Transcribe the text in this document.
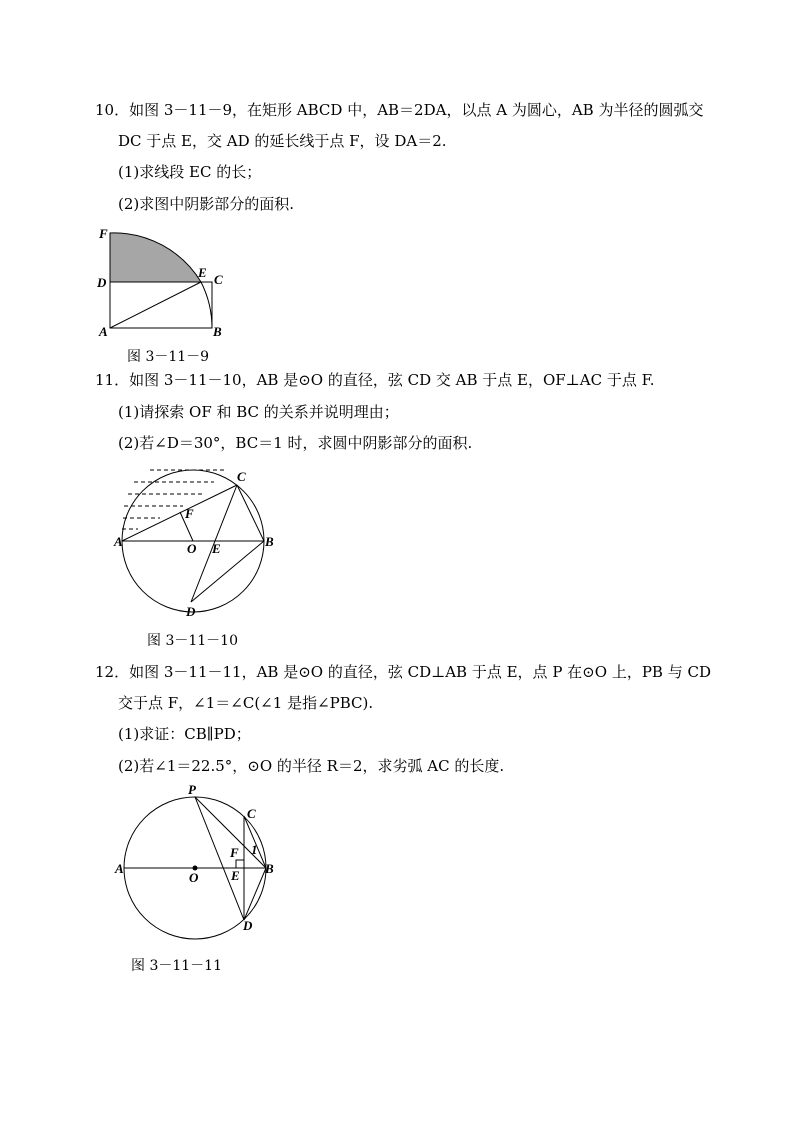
10．如图 3－11－9，在矩形 ABCD 中，AB＝2DA，以点 A 为圆心，AB 为半径的圆弧交
DC 于点 E，交 AD 的延长线于点 F，设 DA＝2.
(1)求线段 EC 的长；
(2)求图中阴影部分的面积.
F
D
A
E C
B
图 3－11－9
11．如图 3－11－10，AB 是⊙O 的直径，弦 CD 交 AB 于点 E，OF⊥AC 于点 F.
(1)请探索 OF 和 BC 的关系并说明理由；
(2)若∠D＝30°，BC＝1 时，求圆中阴影部分的面积.
C
F
A	O E	B
D
图 3－11－10
12．如图 3－11－11，AB 是⊙O 的直径，弦 CD⊥AB 于点 E，点 P 在⊙O 上，PB 与 CD
交于点 F，∠1＝∠C(∠1 是指∠PBC).
(1)求证：CB∥PD；
(2)若∠1＝22.5°，⊙O 的半径 R＝2，求劣弧 AC 的长度.
P
C
F 1
A
O	E B
D
图 3－11－11
